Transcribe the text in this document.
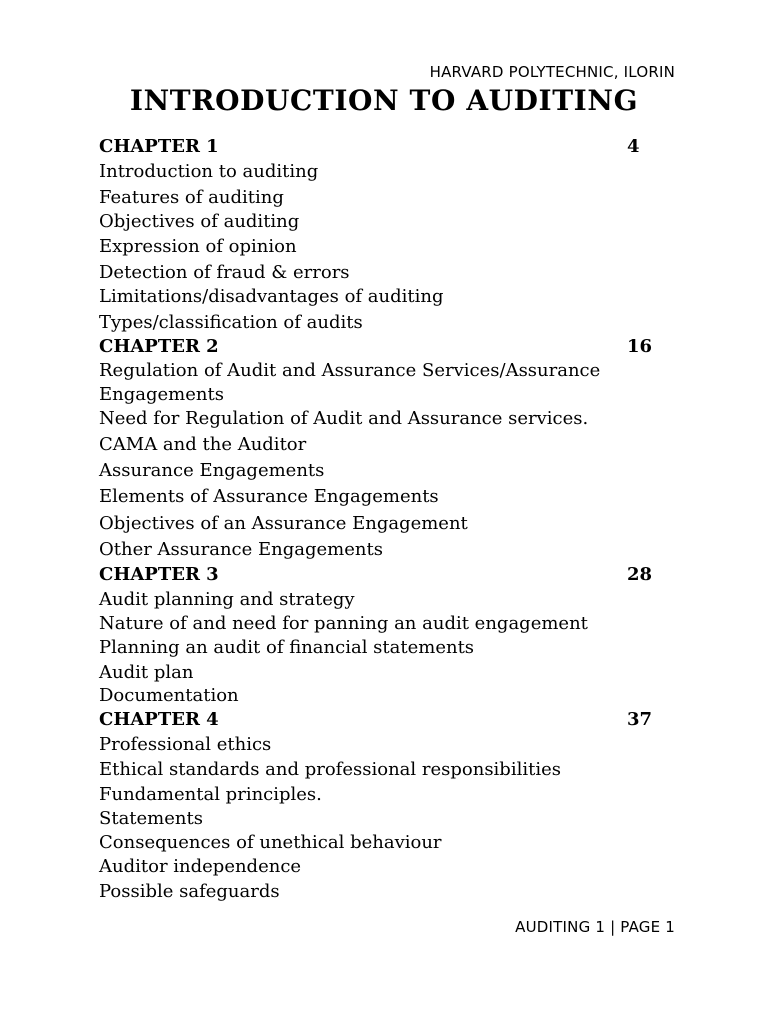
HARVARD POLYTECHNIC, ILORIN
INTRODUCTION TO AUDITING
CHAPTER 1	4
Introduction to auditing
Features of auditing
Objectives of auditing
Expression of opinion
Detection of fraud & errors
Limitations/disadvantages of auditing
Types/classification of audits
CHAPTER 2	16
Regulation of Audit and Assurance Services/Assurance
Engagements
Need for Regulation of Audit and Assurance services.
CAMA and the Auditor
Assurance Engagements
Elements of Assurance Engagements
Objectives of an Assurance Engagement
Other Assurance Engagements
CHAPTER 3	28
Audit planning and strategy
Nature of and need for panning an audit engagement
Planning an audit of financial statements
Audit plan
Documentation
CHAPTER 4	37
Professional ethics
Ethical standards and professional responsibilities
Fundamental principles.
Statements
Consequences of unethical behaviour
Auditor independence
Possible safeguards
AUDITING 1 | PAGE 1
